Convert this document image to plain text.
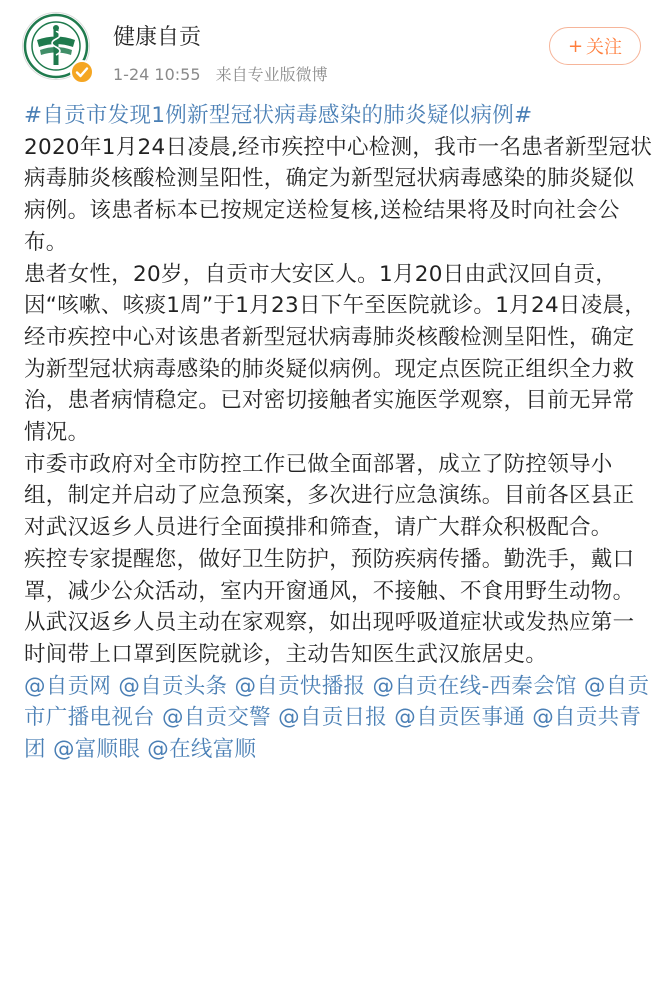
健康自贡
1-24 10:55 来自专业版微博
+ 关注

#自贡市发现1例新型冠状病毒感染的肺炎疑似病例#

2020年1月24日凌晨,经市疾控中心检测，我市一名患者新型冠状病毒肺炎核酸检测呈阳性，确定为新型冠状病毒感染的肺炎疑似病例。该患者标本已按规定送检复核,送检结果将及时向社会公布。

患者女性，20岁，自贡市大安区人。1月20日由武汉回自贡，因“咳嗽、咳痰1周”于1月23日下午至医院就诊。1月24日凌晨，经市疾控中心对该患者新型冠状病毒肺炎核酸检测呈阳性，确定为新型冠状病毒感染的肺炎疑似病例。现定点医院正组织全力救治，患者病情稳定。已对密切接触者实施医学观察，目前无异常情况。

市委市政府对全市防控工作已做全面部署，成立了防控领导小组，制定并启动了应急预案，多次进行应急演练。目前各区县正对武汉返乡人员进行全面摸排和筛查，请广大群众积极配合。

疾控专家提醒您，做好卫生防护，预防疾病传播。勤洗手，戴口罩，减少公众活动，室内开窗通风，不接触、不食用野生动物。从武汉返乡人员主动在家观察，如出现呼吸道症状或发热应第一时间带上口罩到医院就诊，主动告知医生武汉旅居史。

@自贡网 @自贡头条 @自贡快播报 @自贡在线-西秦会馆 @自贡市广播电视台 @自贡交警 @自贡日报 @自贡医事通 @自贡共青团 @富顺眼 @在线富顺
